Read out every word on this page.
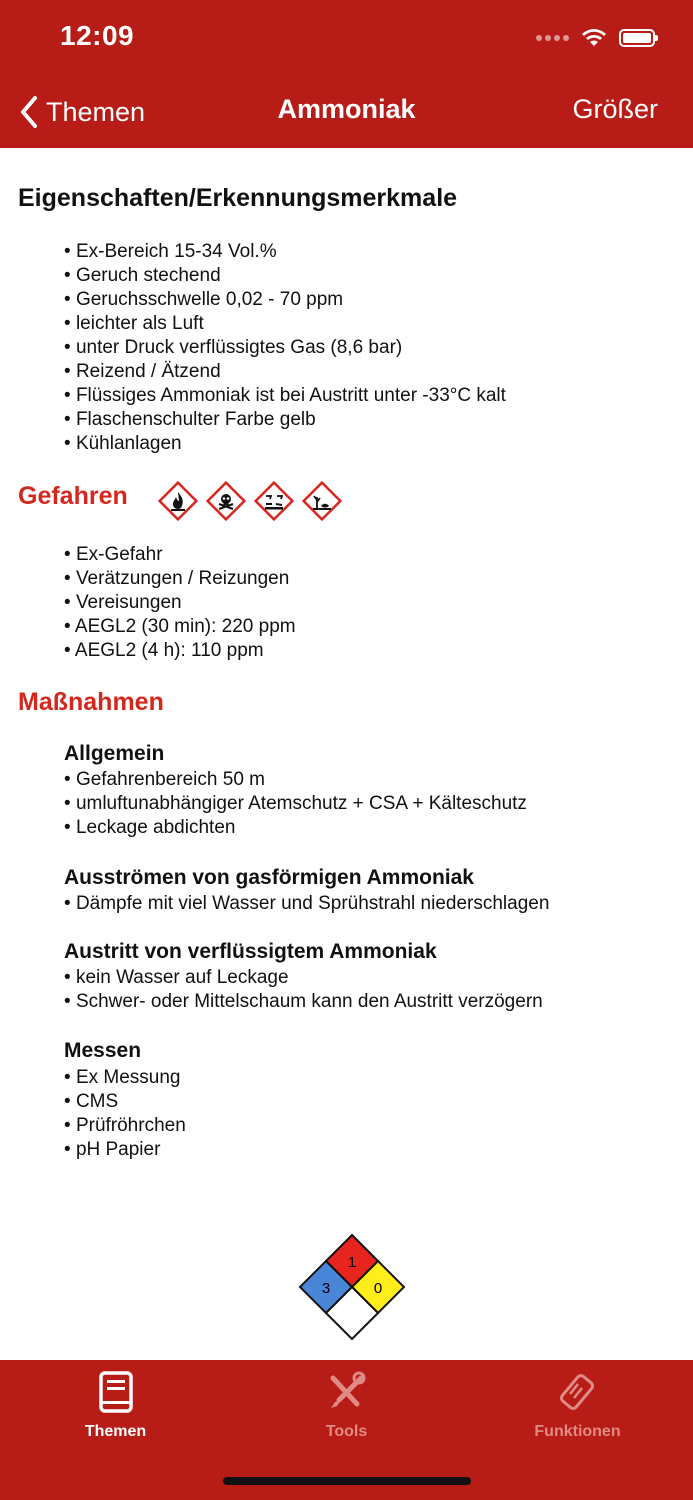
12:09
Themen	Ammoniak	Größer
Eigenschaften/Erkennungsmerkmale
• Ex-Bereich 15-34 Vol.%
• Geruch stechend
• Geruchsschwelle 0,02 - 70 ppm
• leichter als Luft
• unter Druck verflüssigtes Gas (8,6 bar)
• Reizend / Ätzend
• Flüssiges Ammoniak ist bei Austritt unter -33°C kalt
• Flaschenschulter Farbe gelb
• Kühlanlagen
Gefahren
• Ex-Gefahr
• Verätzungen / Reizungen
• Vereisungen
• AEGL2 (30 min): 220 ppm
• AEGL2 (4 h): 110 ppm
Maßnahmen
Allgemein
• Gefahrenbereich 50 m
• umluftunabhängiger Atemschutz + CSA + Kälteschutz
• Leckage abdichten
Ausströmen von gasförmigen Ammoniak
• Dämpfe mit viel Wasser und Sprühstrahl niederschlagen
Austritt von verflüssigtem Ammoniak
• kein Wasser auf Leckage
• Schwer- oder Mittelschaum kann den Austritt verzögern
Messen
• Ex Messung
• CMS
• Prüfröhrchen
• pH Papier
1
3	0
Themen	Tools	Funktionen
